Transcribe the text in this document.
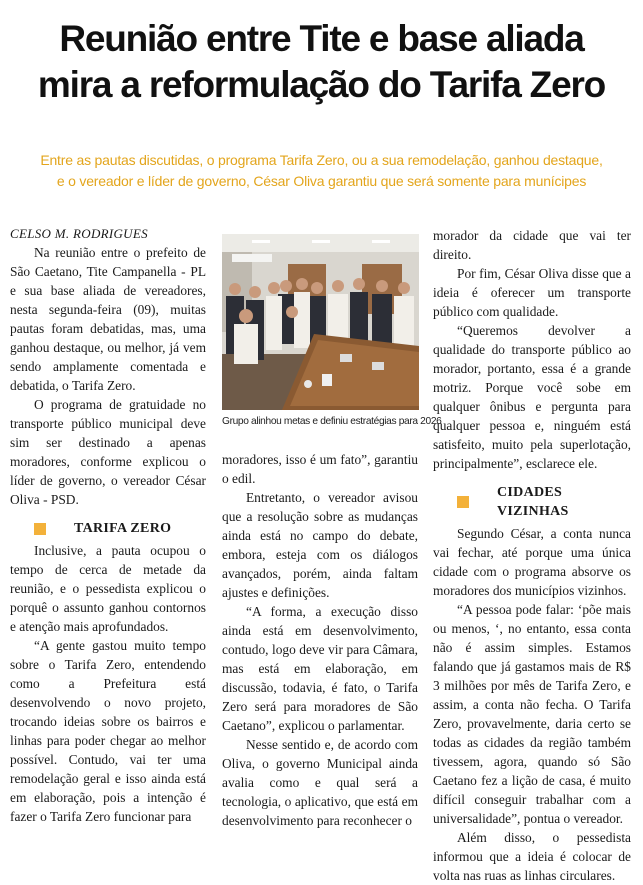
Reunião entre Tite e base aliada
mira a reformulação do Tarifa Zero
Entre as pautas discutidas, o programa Tarifa Zero, ou a sua remodelação, ganhou destaque,
e o vereador e líder de governo, César Oliva garantiu que será somente para munícipes

CELSO M. RODRIGUES

Na reunião entre o prefeito de São Caetano, Tite Campanella - PL e sua base aliada de vereadores, nesta segunda-feira (09), muitas pautas foram debatidas, mas, uma ganhou destaque, ou melhor, já vem sendo amplamente comentada e debatida, o Tarifa Zero.

O programa de gratuidade no transporte público municipal deve sim ser destinado a apenas moradores, conforme explicou o líder de governo, o vereador César Oliva - PSD.

TARIFA ZERO

Inclusive, a pauta ocupou o tempo de cerca de metade da reunião, e o pessedista explicou o porquê o assunto ganhou contornos e atenção mais aprofundados.

“A gente gastou muito tempo sobre o Tarifa Zero, entendendo como a Prefeitura está desenvolvendo o novo projeto, trocando ideias sobre os bairros e linhas para poder chegar ao melhor possível. Contudo, vai ter uma remodelação geral e isso ainda está em elaboração, pois a intenção é fazer o Tarifa Zero funcionar para

Grupo alinhou metas e definiu estratégias para 2026

moradores, isso é um fato”, garantiu o edil.

Entretanto, o vereador avisou que a resolução sobre as mudanças ainda está no campo do debate, embora, esteja com os diálogos avançados, porém, ainda faltam ajustes e definições.

“A forma, a execução disso ainda está em desenvolvimento, contudo, logo deve vir para Câmara, mas está em elaboração, em discussão, todavia, é fato, o Tarifa Zero será para moradores de São Caetano”, explicou o parlamentar.

Nesse sentido e, de acordo com Oliva, o governo Municipal ainda avalia como e qual será a tecnologia, o aplicativo, que está em desenvolvimento para reconhecer o

morador da cidade que vai ter direito.

Por fim, César Oliva disse que a ideia é oferecer um transporte público com qualidade.

“Queremos devolver a qualidade do transporte público ao morador, portanto, essa é a grande motriz. Porque você sobe em qualquer ônibus e pergunta para qualquer pessoa e, ninguém está satisfeito, muito pela superlotação, principalmente”, esclarece ele.

CIDADES VIZINHAS

Segundo César, a conta nunca vai fechar, até porque uma única cidade com o programa absorve os moradores dos municípios vizinhos.

“A pessoa pode falar: ‘põe mais ou menos, ‘, no entanto, essa conta não é assim simples. Estamos falando que já gastamos mais de R$ 3 milhões por mês de Tarifa Zero, e assim, a conta não fecha. O Tarifa Zero, provavelmente, daria certo se todas as cidades da região também tivessem, agora, quando só São Caetano fez a lição de casa, é muito difícil conseguir trabalhar com a universalidade”, pontua o vereador.

Além disso, o pessedista informou que a ideia é colocar de volta nas ruas as linhas circulares.
